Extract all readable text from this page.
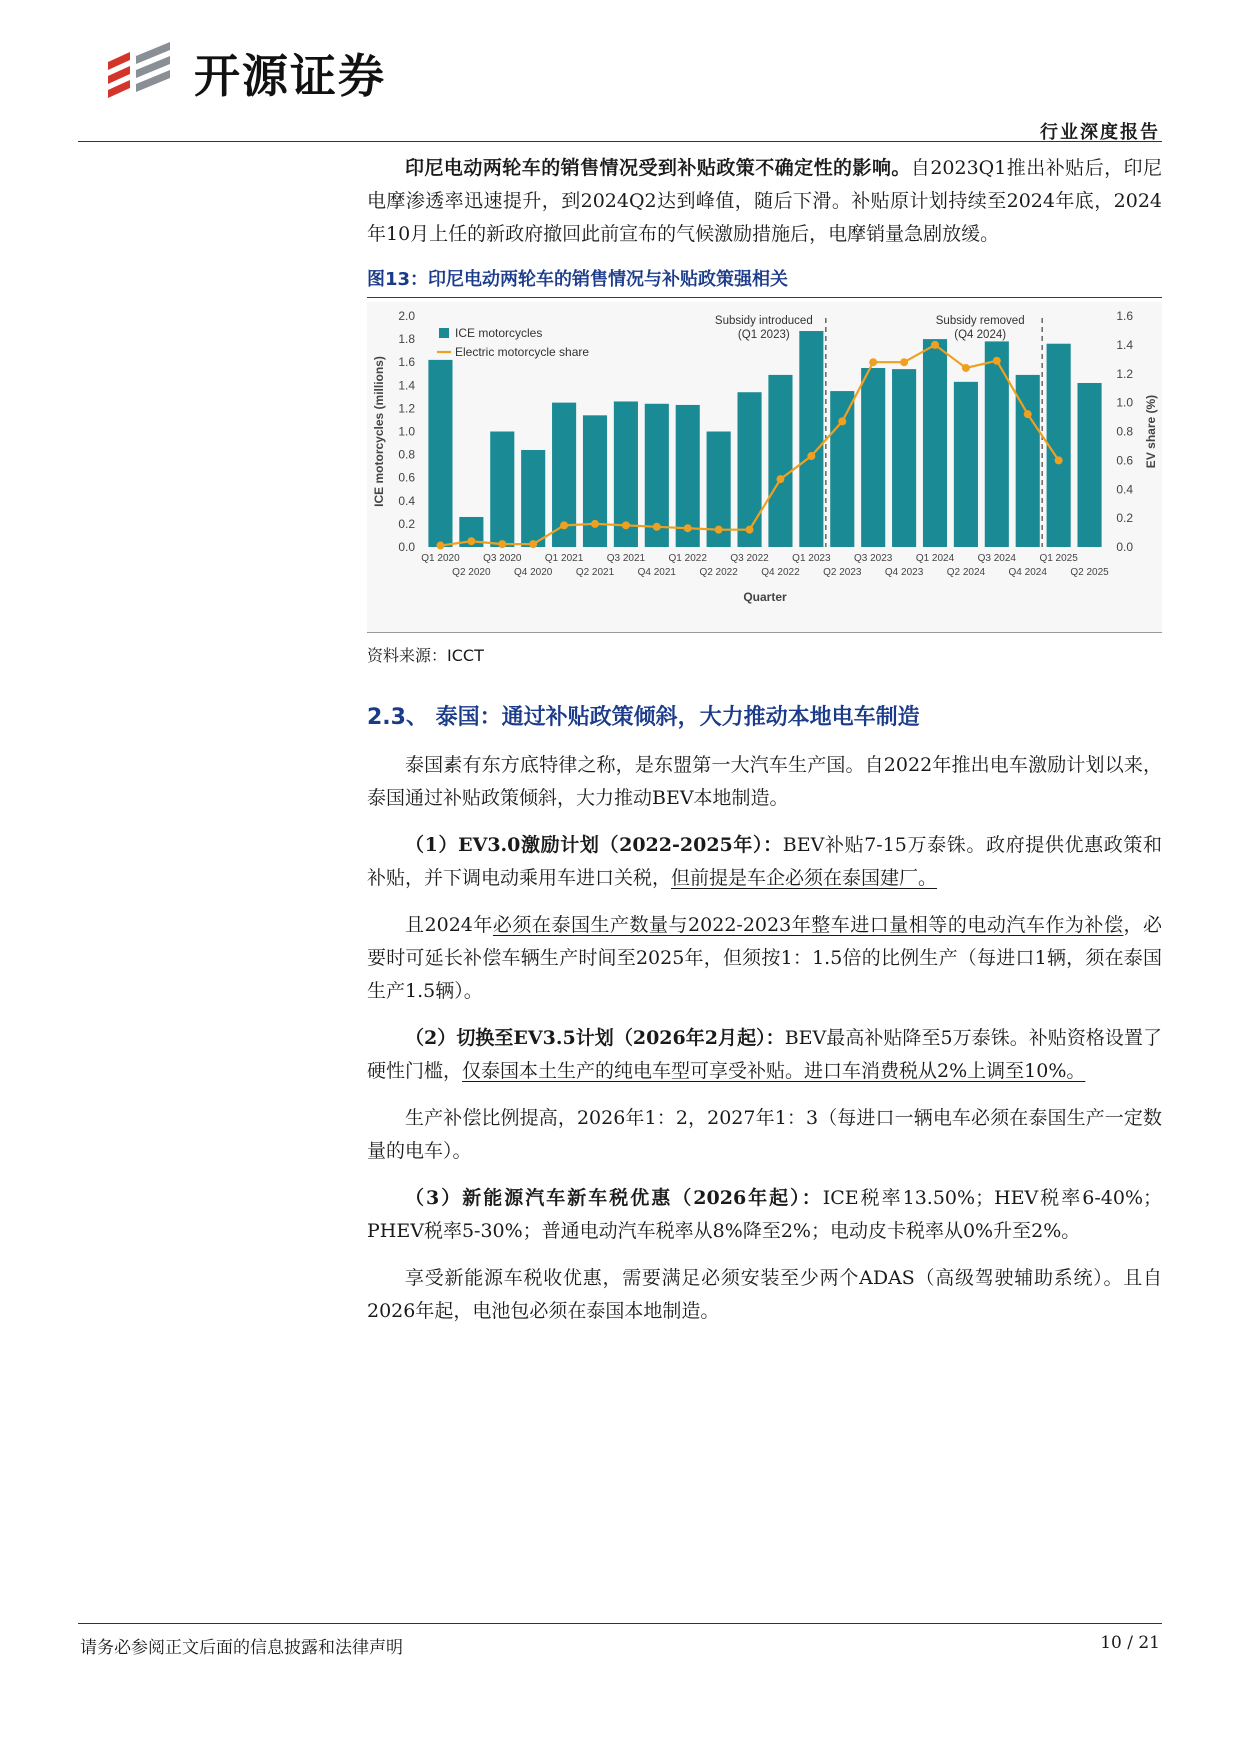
开源证券
行业深度报告

印尼电动两轮车的销售情况受到补贴政策不确定性的影响。自2023Q1推出补贴后，印尼电摩渗透率迅速提升，到2024Q2达到峰值，随后下滑。补贴原计划持续至2024年底，2024年10月上任的新政府撤回此前宣布的气候激励措施后，电摩销量急剧放缓。

图13：印尼电动两轮车的销售情况与补贴政策强相关
0.0
0.2
0.4
0.6
0.8
1.0
1.2
1.4
1.6
1.8
2.0
0.0
0.2
0.4
0.6
0.8
1.0
1.2
1.4
1.6
ICE motorcycles (millions)	EV share (%)
Quarter
Q1 2020
Q2 2020
Q3 2020
Q4 2020
Q1 2021
Q2 2021
Q3 2021
Q4 2021
Q1 2022
Q2 2022
Q3 2022
Q4 2022
Q1 2023
Q2 2023
Q3 2023
Q4 2023
Q1 2024
Q2 2024
Q3 2024
Q4 2024
Q1 2025
Q2 2025
Subsidy introduced
(Q1 2023)
Subsidy removed
(Q4 2024)
ICE motorcycles
Electric motorcycle share
资料来源：ICCT
2.3、 泰国：通过补贴政策倾斜，大力推动本地电车制造

泰国素有东方底特律之称，是东盟第一大汽车生产国。自2022年推出电车激励计划以来，泰国通过补贴政策倾斜，大力推动BEV本地制造。

（1）EV3.0激励计划（2022-2025年）：BEV补贴7-15万泰铢。政府提供优惠政策和补贴，并下调电动乘用车进口关税，但前提是车企必须在泰国建厂。

且2024年必须在泰国生产数量与2022-2023年整车进口量相等的电动汽车作为补偿，必要时可延长补偿车辆生产时间至2025年，但须按1：1.5倍的比例生产（每进口1辆，须在泰国生产1.5辆）。

（2）切换至EV3.5计划（2026年2月起）：BEV最高补贴降至5万泰铢。补贴资格设置了硬性门槛，仅泰国本土生产的纯电车型可享受补贴。进口车消费税从2%上调至10%。

生产补偿比例提高，2026年1：2，2027年1：3（每进口一辆电车必须在泰国生产一定数量的电车）。

（3）新能源汽车新车税优惠（2026年起）：ICE税率13.50%；HEV税率6-40%；PHEV税率5-30%；普通电动汽车税率从8%降至2%；电动皮卡税率从0%升至2%。

享受新能源车税收优惠，需要满足必须安装至少两个ADAS（高级驾驶辅助系统）。且自2026年起，电池包必须在泰国本地制造。

请务必参阅正文后面的信息披露和法律声明	10 / 21
